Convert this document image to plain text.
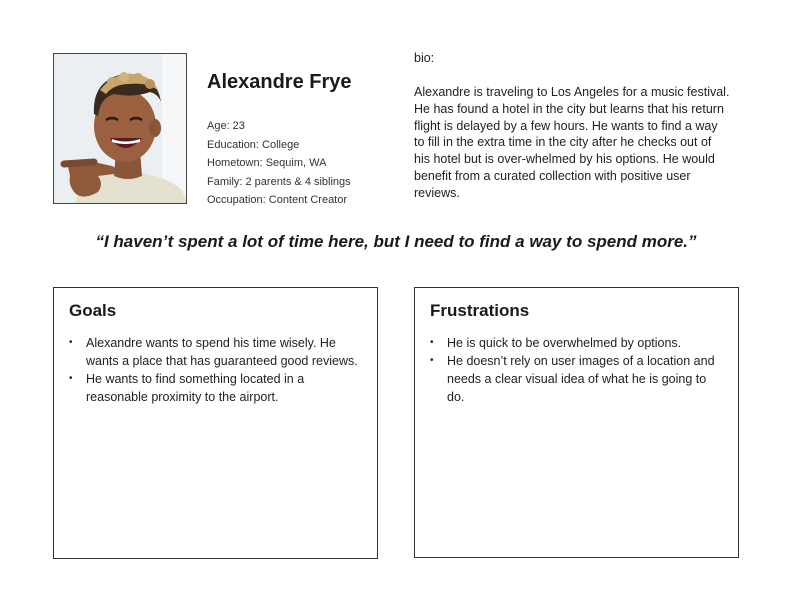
Alexandre Frye
Age: 23
Education: College
Hometown: Sequim, WA
Family: 2 parents & 4 siblings
Occupation: Content Creator
bio:

Alexandre is traveling to Los Angeles for a music festival. He has found a hotel in the city but learns that his return flight is delayed by a few hours. He wants to find a way to fill in the extra time in the city after he checks out of his hotel but is over-whelmed by his options. He would benefit from a curated collection with positive user reviews.

“I haven’t spent a lot of time here, but I need to find a way to spend more.”

Goals
• Alexandre wants to spend his time wisely. He wants a place that has guaranteed good reviews.
• He wants to find something located in a reasonable proximity to the airport.
Frustrations
• He is quick to be overwhelmed by options.
• He doesn’t rely on user images of a location and needs a clear visual idea of what he is going to do.
